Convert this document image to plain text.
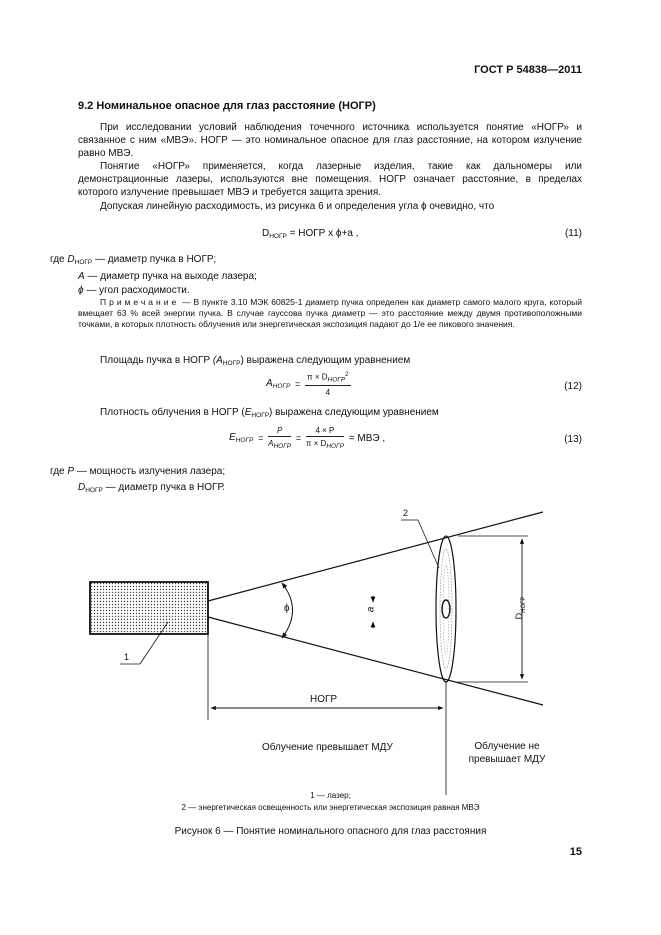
ГОСТ Р 54838—2011
9.2 Номинальное опасное для глаз расстояние (НОГР)
При исследовании условий наблюдения точечного источника используется понятие «НОГР» и связанное с ним «МВЭ». НОГР — это номинальное опасное для глаз расстояние, на котором излучение равно МВЭ.
Понятие «НОГР» применяется, когда лазерные изделия, такие как дальномеры или демонстрационные лазеры, используются вне помещения. НОГР означает расстояние, в пределах которого излучение превышает МВЭ и требуется защита зрения.
Допуская линейную расходимость, из рисунка 6 и определения угла ϕ очевидно, что
$D_{НОГР}$ = НОГР x ϕ+a ,	(11)
где $D_{НОГР}$ — диаметр пучка в НОГР;
A — диаметр пучка на выходе лазера;
ϕ — угол расходимости.
Примечание — В пункте 3.10 МЭК 60825-1 диаметр пучка определен как диаметр самого малого круга, который вмещает 63 % всей энергии пучка. В случае гауссова пучка диаметр — это расстояние между двумя противоположными точками, в которых плотность облучения или энергетическая экспозиция падают до 1/e ее пикового значения.
Площадь пучка в НОГР $(A_{НОГР})$ выражена следующим уравнением
$A_{НОГР} = \frac{\pi \times D_{НОГР}^2}{4}$	(12)
Плотность облучения в НОГР $(E_{НОГР})$ выражена следующим уравнением
$E_{НОГР} = \frac{P}{A_{НОГР}} = \frac{4 \times P}{\pi \times D_{НОГР}}$ = МВЭ ,	(13)
где P — мощность излучения лазера;
$D_{НОГР}$ — диаметр пучка в НОГР.
1
2
ϕ	a
$D_{НОГР}$
НОГР
Облучение превышает МДУ	Облучение не
превышает МДУ
1 — лазер;
2 — энергетическая освещенность или энергетическая экспозиция равная МВЭ
Рисунок 6 — Понятие номинального опасного для глаз расстояния
15
